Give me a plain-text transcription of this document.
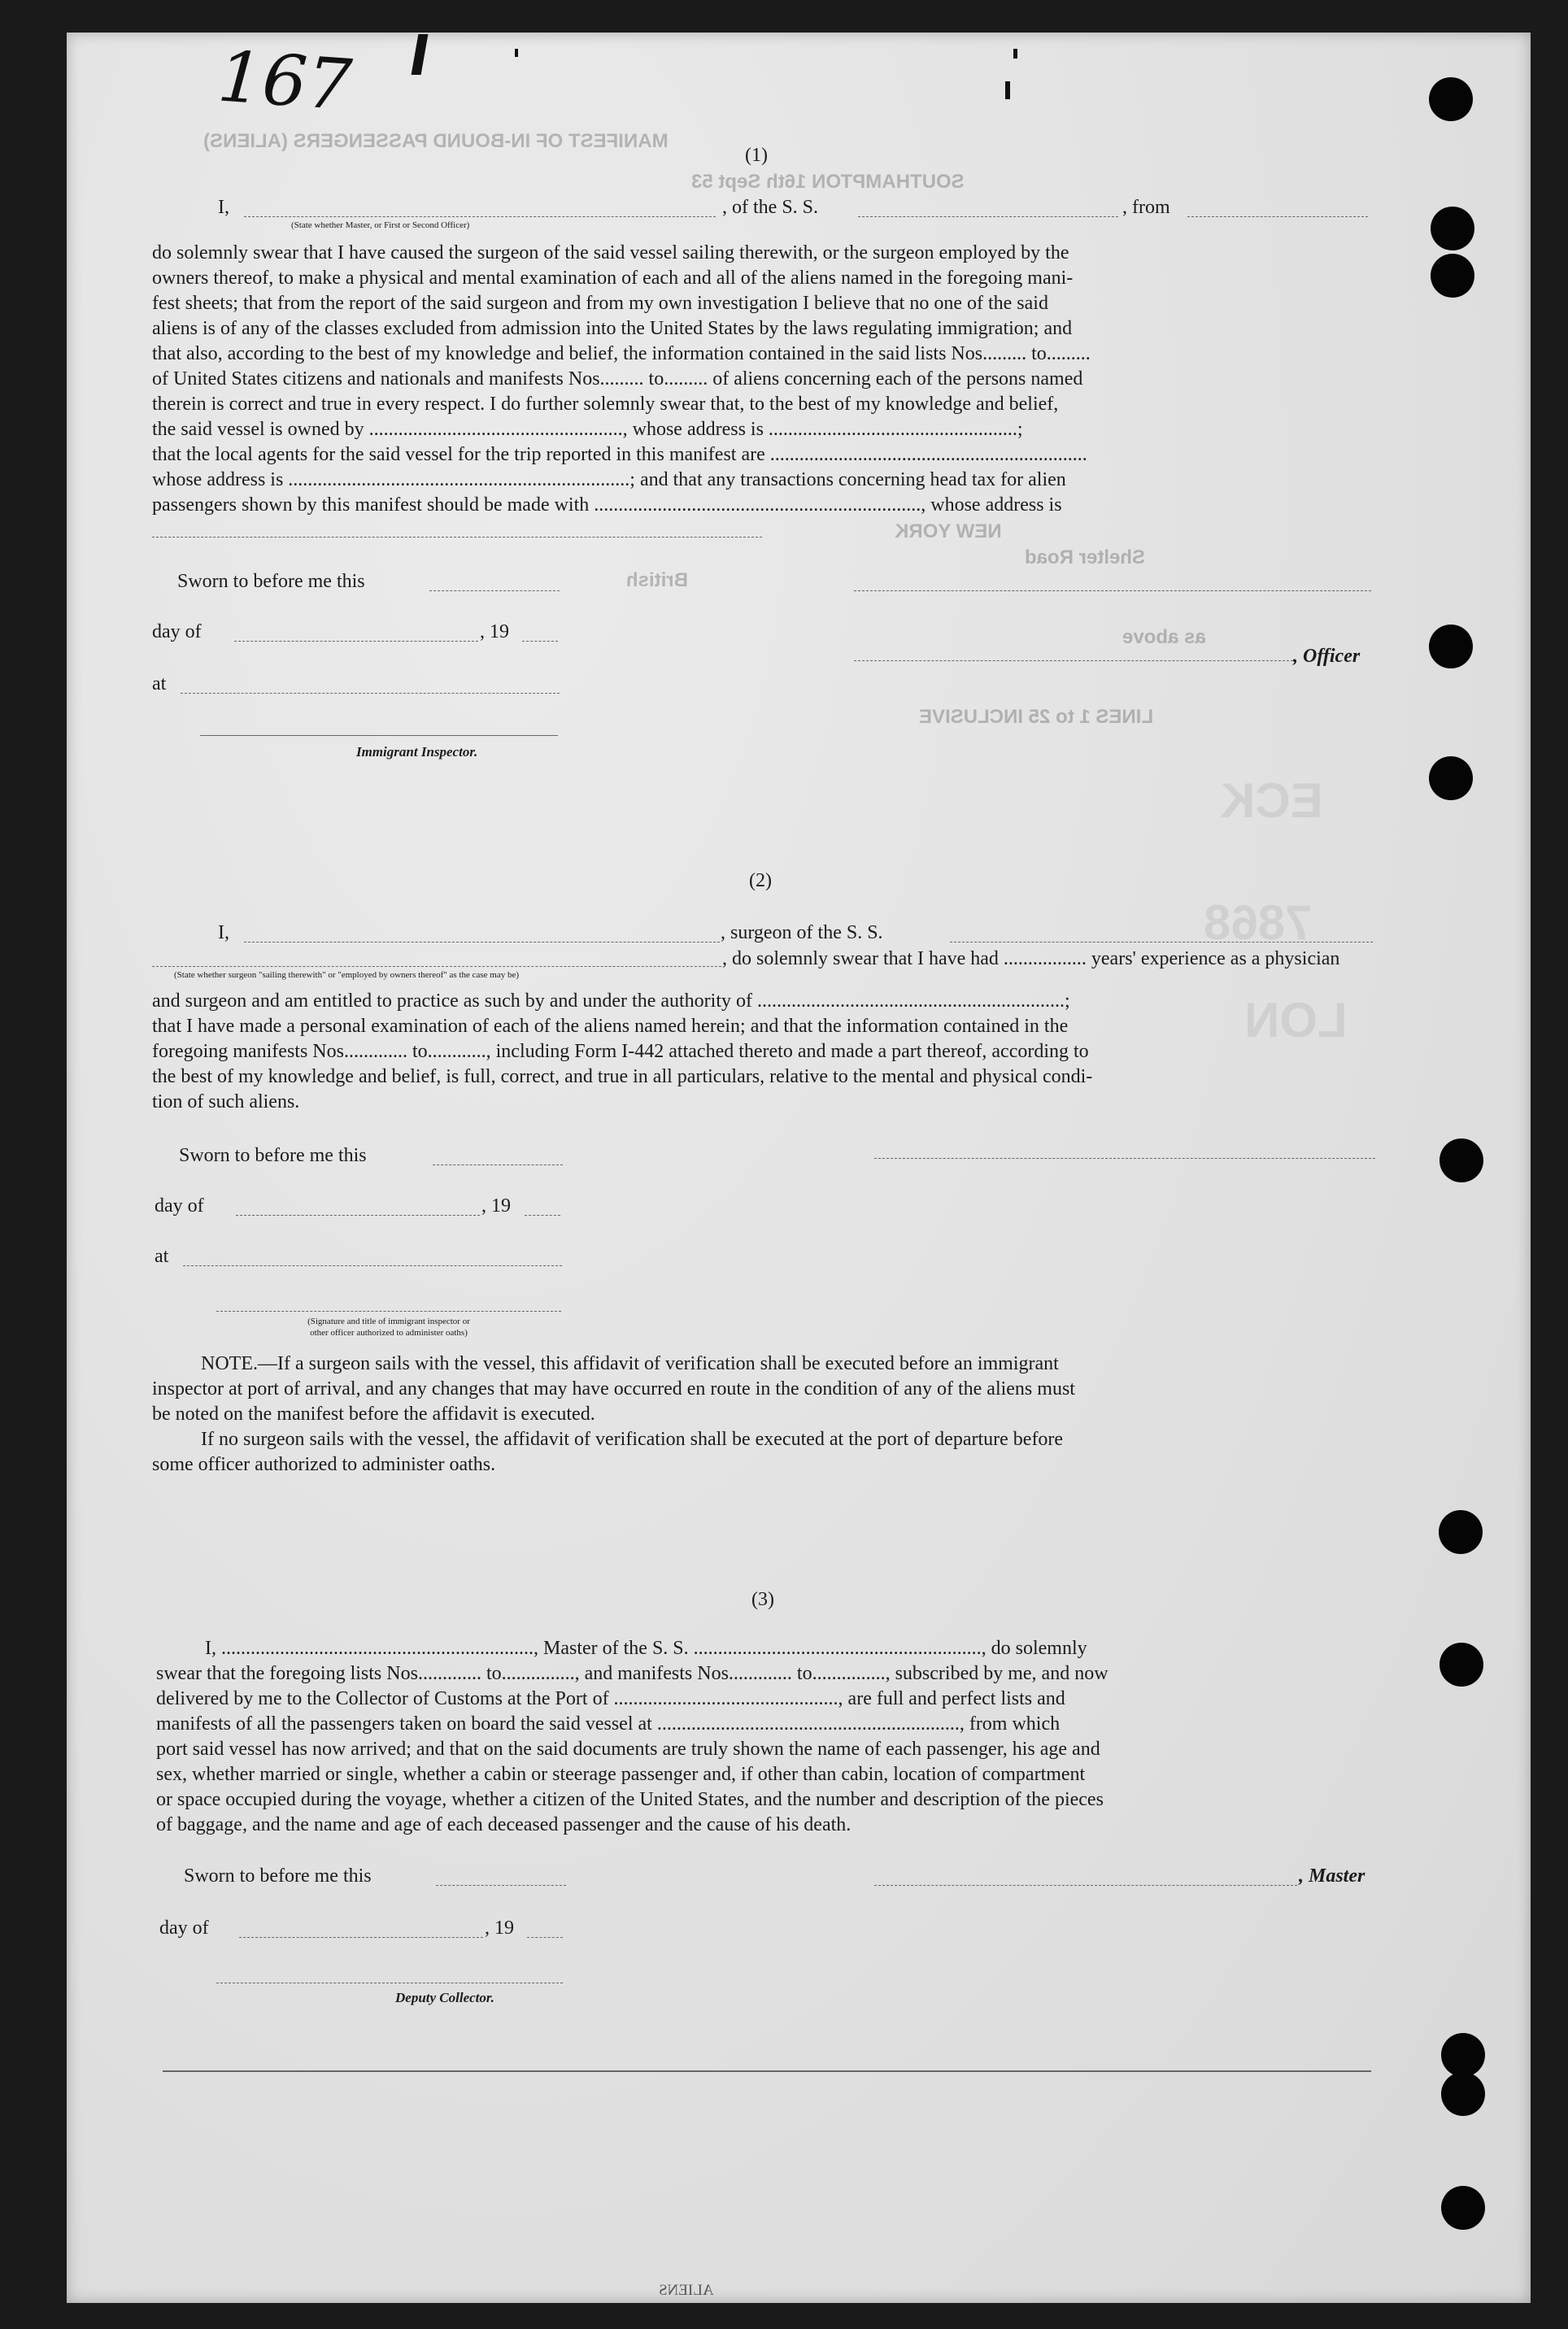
167
MANIFEST OF IN-BOUND PASSENGERS (ALIENS)
SOUTHAMPTON 16th Sept 53
NEW YORK
British
Shelter Road
as above
LINES 1 to 25 INCLUSIVE
ECK
7868
LON
(1)
I,	, of the S. S.	, from
(State whether Master, or First or Second Officer)

do solemnly swear that I have caused the surgeon of the said vessel sailing therewith, or the surgeon employed by the

owners thereof, to make a physical and mental examination of each and all of the aliens named in the foregoing mani-

fest sheets; that from the report of the said surgeon and from my own investigation I believe that no one of the said

aliens is of any of the classes excluded from admission into the United States by the laws regulating immigration; and

that also, according to the best of my knowledge and belief, the information contained in the said lists Nos......... to.........

of United States citizens and nationals and manifests Nos......... to......... of aliens concerning each of the persons named

therein is correct and true in every respect. I do further solemnly swear that, to the best of my knowledge and belief,

the said vessel is owned by ...................................................., whose address is ...................................................;

that the local agents for the said vessel for the trip reported in this manifest are .................................................................

whose address is ......................................................................; and that any transactions concerning head tax for alien

passengers shown by this manifest should be made with ..................................................................., whose address is

Sworn to before me this
day of	, 19
, Officer
at
Immigrant Inspector.
(2)
I,	, surgeon of the S. S.
, do solemnly swear that I have had ................. years' experience as a physician
(State whether surgeon "sailing therewith" or "employed by owners thereof" as the case may be)

and surgeon and am entitled to practice as such by and under the authority of ...............................................................;

that I have made a personal examination of each of the aliens named herein; and that the information contained in the

foregoing manifests Nos............. to............, including Form I-442 attached thereto and made a part thereof, according to

the best of my knowledge and belief, is full, correct, and true in all particulars, relative to the mental and physical condi-

tion of such aliens.

Sworn to before me this
day of	, 19
at
(Signature and title of immigrant inspector or
other officer authorized to administer oaths)

NOTE.—If a surgeon sails with the vessel, this affidavit of verification shall be executed before an immigrant

inspector at port of arrival, and any changes that may have occurred en route in the condition of any of the aliens must

be noted on the manifest before the affidavit is executed.

If no surgeon sails with the vessel, the affidavit of verification shall be executed at the port of departure before

some officer authorized to administer oaths.

(3)

I, ................................................................, Master of the S. S. ..........................................................., do solemnly

swear that the foregoing lists Nos............. to..............., and manifests Nos............. to..............., subscribed by me, and now

delivered by me to the Collector of Customs at the Port of .............................................., are full and perfect lists and

manifests of all the passengers taken on board the said vessel at .............................................................., from which

port said vessel has now arrived; and that on the said documents are truly shown the name of each passenger, his age and

sex, whether married or single, whether a cabin or steerage passenger and, if other than cabin, location of compartment

or space occupied during the voyage, whether a citizen of the United States, and the number and description of the pieces

of baggage, and the name and age of each deceased passenger and the cause of his death.

Sworn to before me this	, Master
day of	, 19
Deputy Collector.
ALIENS
